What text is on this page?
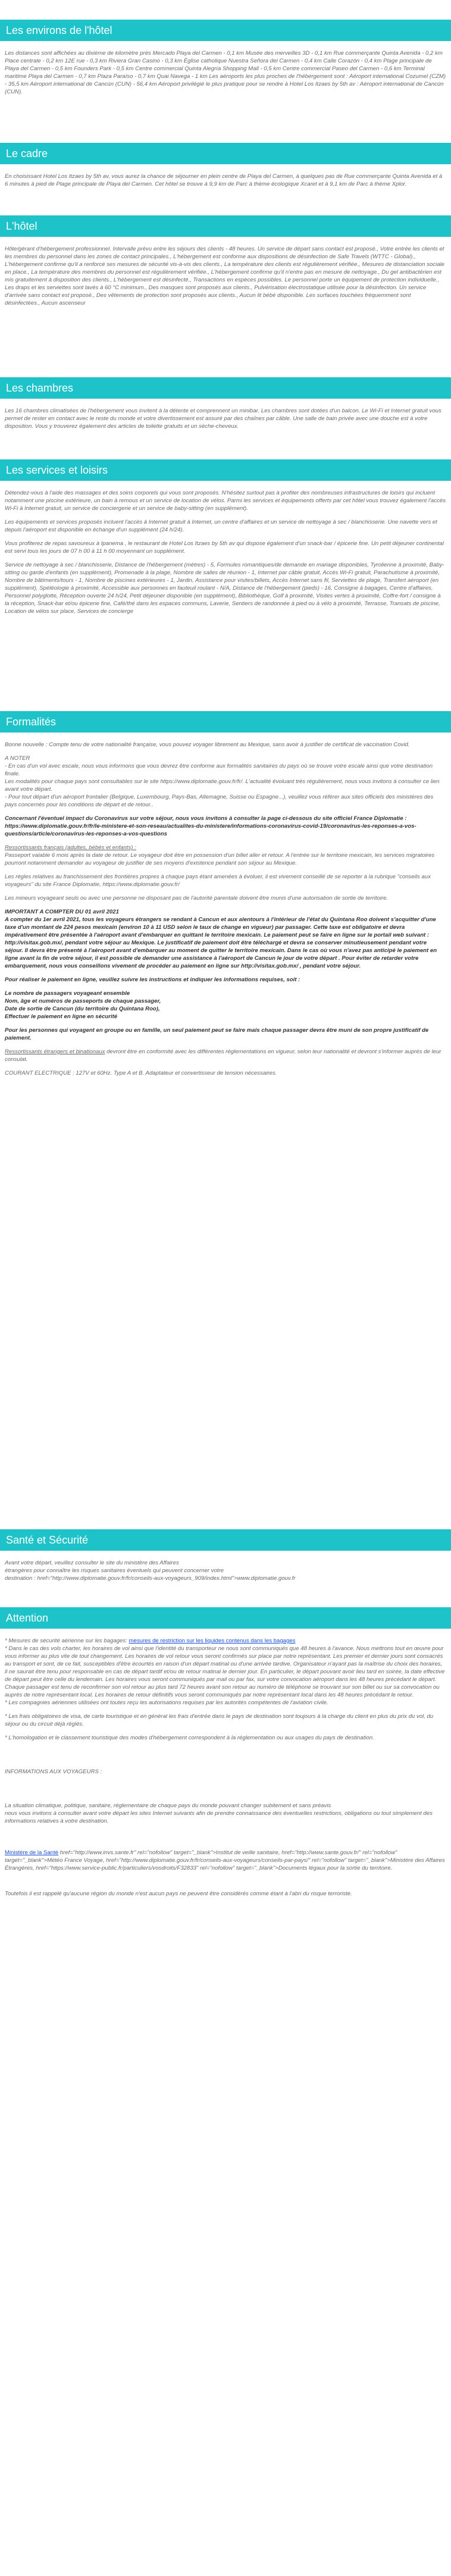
Les environs de l'hôtel

Les distances sont affichées au dixième de kilomètre près Mercado Playa del Carmen - 0,1 km Musée des merveilles 3D - 0,1 km Rue commerçante Quinta Avenida - 0,2 km Place centrale - 0,2 km 12E rue - 0,3 km Riviera Gran Casino - 0,3 km Église catholique Nuestra Señora del Carmen - 0,4 km Calle Corazón - 0,4 km Plage principale de Playa del Carmen - 0,5 km Founders Park - 0,5 km Centre commercial Quinta Alegría Shopping Mall - 0,5 km Centre commercial Paseo del Carmen - 0,6 km Terminal maritime Playa del Carmen - 0,7 km Plaza Paraíso - 0,7 km Quai Navega - 1 km Les aéroports les plus proches de l'hébergement sont : Aéroport international Cozumel (CZM) - 35,5 km Aéroport international de Cancún (CUN) - 56,4 km Aéroport privilégié le plus pratique pour se rendre à Hotel Los Itzaes by 5th av : Aéroport international de Cancún (CUN).

Le cadre

En choisissant Hotel Los Itzaes by 5th av, vous aurez la chance de séjourner en plein centre de Playa del Carmen, à quelques pas de Rue commerçante Quinta Avenida et à 6 minutes à pied de Plage principale de Playa del Carmen. Cet hôtel se trouve à 9,9 km de Parc à thème écologique Xcaret et à 9,1 km de Parc à thème Xplor.

L'hôtel

Hôte/gérant d'hébergement professionnel. Intervalle prévu entre les séjours des clients - 48 heures. Un service de départ sans contact est proposé., Votre entrée les clients et les membres du personnel dans les zones de contact principales., L'hébergement est conforme aux dispositions de désinfection de Safe Travels (WTTC - Global)., L'hébergement confirme qu'il a renforcé ses mesures de sécurité vis-à-vis des clients., La température des clients est régulièrement vérifiée., Mesures de distanciation sociale en place., La température des membres du personnel est régulièrement vérifiée., L'hébergement confirme qu'il n'entre pas en mesure de nettoyage., Du gel antibactérien est mis gratuitement à disposition des clients., L'hébergement est désinfecté., Transactions en espèces possibles. Le personnel porte un équipement de protection individuelle., Les draps et les serviettes sont lavés à 60 °C minimum., Des masques sont proposés aux clients., Pulvérisation électrostatique utilisée pour la désinfection. Un service d'arrivée sans contact est proposé., Des vêtements de protection sont proposés aux clients., Aucun lit bébé disponible. Les surfaces touchées fréquemment sont désinfectées., Aucun ascenseur

Les chambres

Les 16 chambres climatisées de l'hébergement vous invitent à la détente et comprennent un minibar. Les chambres sont dotées d'un balcon. Le Wi-Fi et Internet gratuit vous permet de rester en contact avec le reste du monde et votre divertissement est assuré par des chaînes par câble. Une salle de bain privée avec une douche est à votre disposition. Vous y trouverez également des articles de toilette gratuits et un sèche-cheveux.

Les services et loisirs

Détendez-vous à l'aide des massages et des soins corporels qui vous sont proposés. N'hésitez surtout pas à profiter des nombreuses infrastructures de loisirs qui incluent notamment une piscine extérieure, un bain à remous et un service de location de vélos. Parmi les services et équipements offerts par cet hôtel vous trouvez également l'accès Wi-Fi à Internet gratuit, un service de conciergerie et un service de baby-sitting (en supplément).

Les équipements et services proposés incluent l'accès à Internet gratuit à Internet, un centre d'affaires et un service de nettoyage à sec / blanchisserie. Une navette vers et depuis l'aéroport est disponible en échange d'un supplément (24 h/24).

Vous profiterez de repas savoureux à Ipanema , le restaurant de Hotel Los Itzaes by 5th av qui dispose également d'un snack-bar / épicerie fine. Un petit déjeuner continental est servi tous les jours de 07 h 00 à 11 h 00 moyennant un supplément.

Service de nettoyage à sec / blanchisserie, Distance de l'hébergement (mètres) - 5, Formules romantiques/de demande en mariage disponibles, Tyrolienne à proximité, Baby-sitting ou garde d'enfants (en supplément), Promenade à la plage, Nombre de salles de réunion - 1, Internet par câble gratuit, Accès Wi-Fi gratuit, Parachutisme à proximité, Nombre de bâtiments/tours - 1, Nombre de piscines extérieures - 1, Jardin, Assistance pour visites/billets, Accès Internet sans fil, Serviettes de plage, Transfert aéroport (en supplément), Spéléologie à proximité, Accessible aux personnes en fauteuil roulant - N/A, Distance de l'hébergement (pieds) - 16, Consigne à bagages, Centre d'affaires, Personnel polyglotte, Réception ouverte 24 h/24, Petit déjeuner disponible (en supplément), Bibliothèque, Golf à proximité, Visites vertes à proximité, Coffre-fort / consigne à la réception, Snack-bar et/ou épicerie fine, Café/thé dans les espaces communs, Laverie, Sentiers de randonnée à pied ou à vélo à proximité, Terrasse, Transats de piscine, Location de vélos sur place, Services de concierge

Formalités

Bonne nouvelle : Compte tenu de votre nationalité française, vous pouvez voyager librement au Mexique, sans avoir à justifier de certificat de vaccination Covid.

A NOTER

- En cas d'un vol avec escale, nous vous informons que vous devrez être conforme aux formalités sanitaires du pays où se trouve votre escale ainsi que votre destination finale.
Les modalités pour chaque pays sont consultables sur le site https://www.diplomatie.gouv.fr/fr/. L'actualité évoluant très régulièrement, nous vous invitons à consulter ce lien avant votre départ.
- Pour tout départ d'un aéroport frontalier (Belgique, Luxembourg, Pays-Bas, Allemagne, Suisse ou Espagne...), veuillez vous référer aux sites officiels des ministères des pays concernés pour les conditions de départ et de retour..

Concernant l'éventuel impact du Coronavirus sur votre séjour, nous vous invitons à consulter la page ci-dessous du site officiel France Diplomatie :
https://www.diplomatie.gouv.fr/fr/le-ministere-et-son-reseau/actualites-du-ministere/informations-coronavirus-covid-19/coronavirus-les-reponses-a-vos-questions/article/coronavirus-les-reponses-a-vos-questions

Ressortissants français (adultes, bébés et enfants) :

Passeport valable 6 mois après la date de retour. Le voyageur doit être en possession d'un billet aller et retour. A l'entrée sur le territoire mexicain, les services migratoires pourront notamment demander au voyageur de justifier de ses moyens d'existence pendant son séjour au Mexique.

Les règles relatives au franchissement des frontières propres à chaque pays étant amenées à évoluer, il est vivement conseillé de se reporter à la rubrique "conseils aux voyageurs" du site France Diplomatie, https://www.diplomatie.gouv.fr/

Les mineurs voyageant seuls ou avec une personne ne disposant pas de l'autorité parentale doivent être munis d'une autorisation de sortie de territoire.

IMPORTANT A COMPTER DU 01 avril 2021

A compter du 1er avril 2021, tous les voyageurs étrangers se rendant à Cancun et aux alentours à l'intérieur de l'état du Quintana Roo doivent s'acquitter d'une taxe d'un montant de 224 pesos mexicain (environ 10 à 11 USD selon le taux de change en vigueur) par passager. Cette taxe est obligatoire et devra impérativement être présentée à l'aéroport avant d'embarquer en quittant le territoire mexicain. Le paiement peut se faire en ligne sur le portail web suivant : http://visitax.gob.mx/, pendant votre séjour au Mexique. Le justificatif de paiement doit être téléchargé et devra se conserver minutieusement pendant votre séjour. Il devra être présenté à l'aéroport avant d'embarquer au moment de quitter le territoire mexicain. Dans le cas où vous n'avez pas anticipé le paiement en ligne avant la fin de votre séjour, il est possible de demander une assistance à l'aéroport de Cancun le jour de votre départ . Pour éviter de retarder votre embarquement, nous vous conseillons vivement de procéder au paiement en ligne sur http://visitax.gob.mx/ , pendant votre séjour.

Pour réaliser le paiement en ligne, veuillez suivre les instructions et indiquer les informations requises, soit :

Le nombre de passagers voyageant ensemble
Nom, âge et numéros de passeports de chaque passager,
Date de sortie de Cancun (du territoire du Quintana Roo),
Effectuer le paiement en ligne en sécurité

Pour les personnes qui voyagent en groupe ou en famille, un seul paiement peut se faire mais chaque passager devra être muni de son propre justificatif de paiement.

Ressortissants étrangers et binationaux devront être en conformité avec les différentes réglementations en vigueur, selon leur nationalité et devront s'informer auprès de leur consulat.

COURANT ELECTRIQUE : 127V et 60Hz. Type A et B. Adaptateur et convertisseur de tension nécessaires.

Santé et Sécurité

Avant votre départ, veuillez consulter le site du ministère des Affaires
étrangères pour connaître les risques sanitaires éventuels qui peuvent concerner votre
destination : href="http://www.diplomatie.gouv.fr/fr/conseils-aux-voyageurs_909/index.html">www.diplomatie.gouv.fr

Attention

* Mesures de sécurité aérienne sur les bagages: mesures de restriction sur les liquides contenus dans les bagages
* Dans le cas des vols charter, les horaires de vol ainsi que l'identité du transporteur ne nous sont communiqués que 48 heures à l'avance. Nous mettrons tout en œuvre pour vous informer au plus vite de tout changement. Les horaires de vol retour vous seront confirmés sur place par notre représentant. Les premier et dernier jours sont consacrés au transport et sont, de ce fait, susceptibles d'être écourtés en raison d'un départ matinal ou d'une arrivée tardive. Organisateur n'ayant pas la maîtrise du choix des horaires, il ne saurait être tenu pour responsable en cas de départ tardif et/ou de retour matinal le dernier jour. En particulier, le départ pouvant avoir lieu tard en soirée, la date effective de départ peut être celle du lendemain. Les horaires vous seront communiqués par mail ou par fax, sur votre convocation aéroport dans les 48 heures précédant le départ. Chaque passager est tenu de reconfirmer son vol retour au plus tard 72 heures avant son retour au numéro de téléphone se trouvant sur son billet ou sur sa convocation ou auprès de notre représentant local. Les horaires de retour définitifs vous seront communiqués par notre représentant local dans les 48 heures précédant le retour.
* Les compagnies aériennes utilisées ont toutes reçu les autorisations requises par les autorités compétentes de l'aviation civile.

* Les frais obligatoires de visa, de carte touristique et en général les frais d'entrée dans le pays de destination sont toujours à la charge du client en plus du prix du vol, du séjour ou du circuit déjà réglés.

* L'homologation et le classement touristique des modes d'hébergement correspondent à la réglementation ou aux usages du pays de destination.

INFORMATIONS AUX VOYAGEURS :

La situation climatique, politique, sanitaire, réglementaire de chaque pays du monde pouvant changer subitement et sans préavis
nous vous invitons à consulter avant votre départ les sites Internet suivants afin de prendre connaissance des éventuelles restrictions, obligations ou tout simplement des informations relatives à votre destination.

Ministère de la Santé href="http://www.invs.sante.fr" rel="nofollow" target="_blank">Institut de veille sanitaire, href="http://www.sante.gouv.fr/" rel="nofollow" target="_blank">Météo France Voyage, href="http://www.diplomatie.gouv.fr/fr/conseils-aux-voyageurs/conseils-par-pays/" rel="nofollow" target="_blank">Ministère des Affaires Étrangères, href="https://www.service-public.fr/particuliers/vosdroits/F32833" rel="nofollow" target="_blank">Documents légaux pour la sortie du territoire.

Toutefois il est rappelé qu'aucune région du monde n'est aucun pays ne peuvent être considérés comme étant à l'abri du risque terroriste.
